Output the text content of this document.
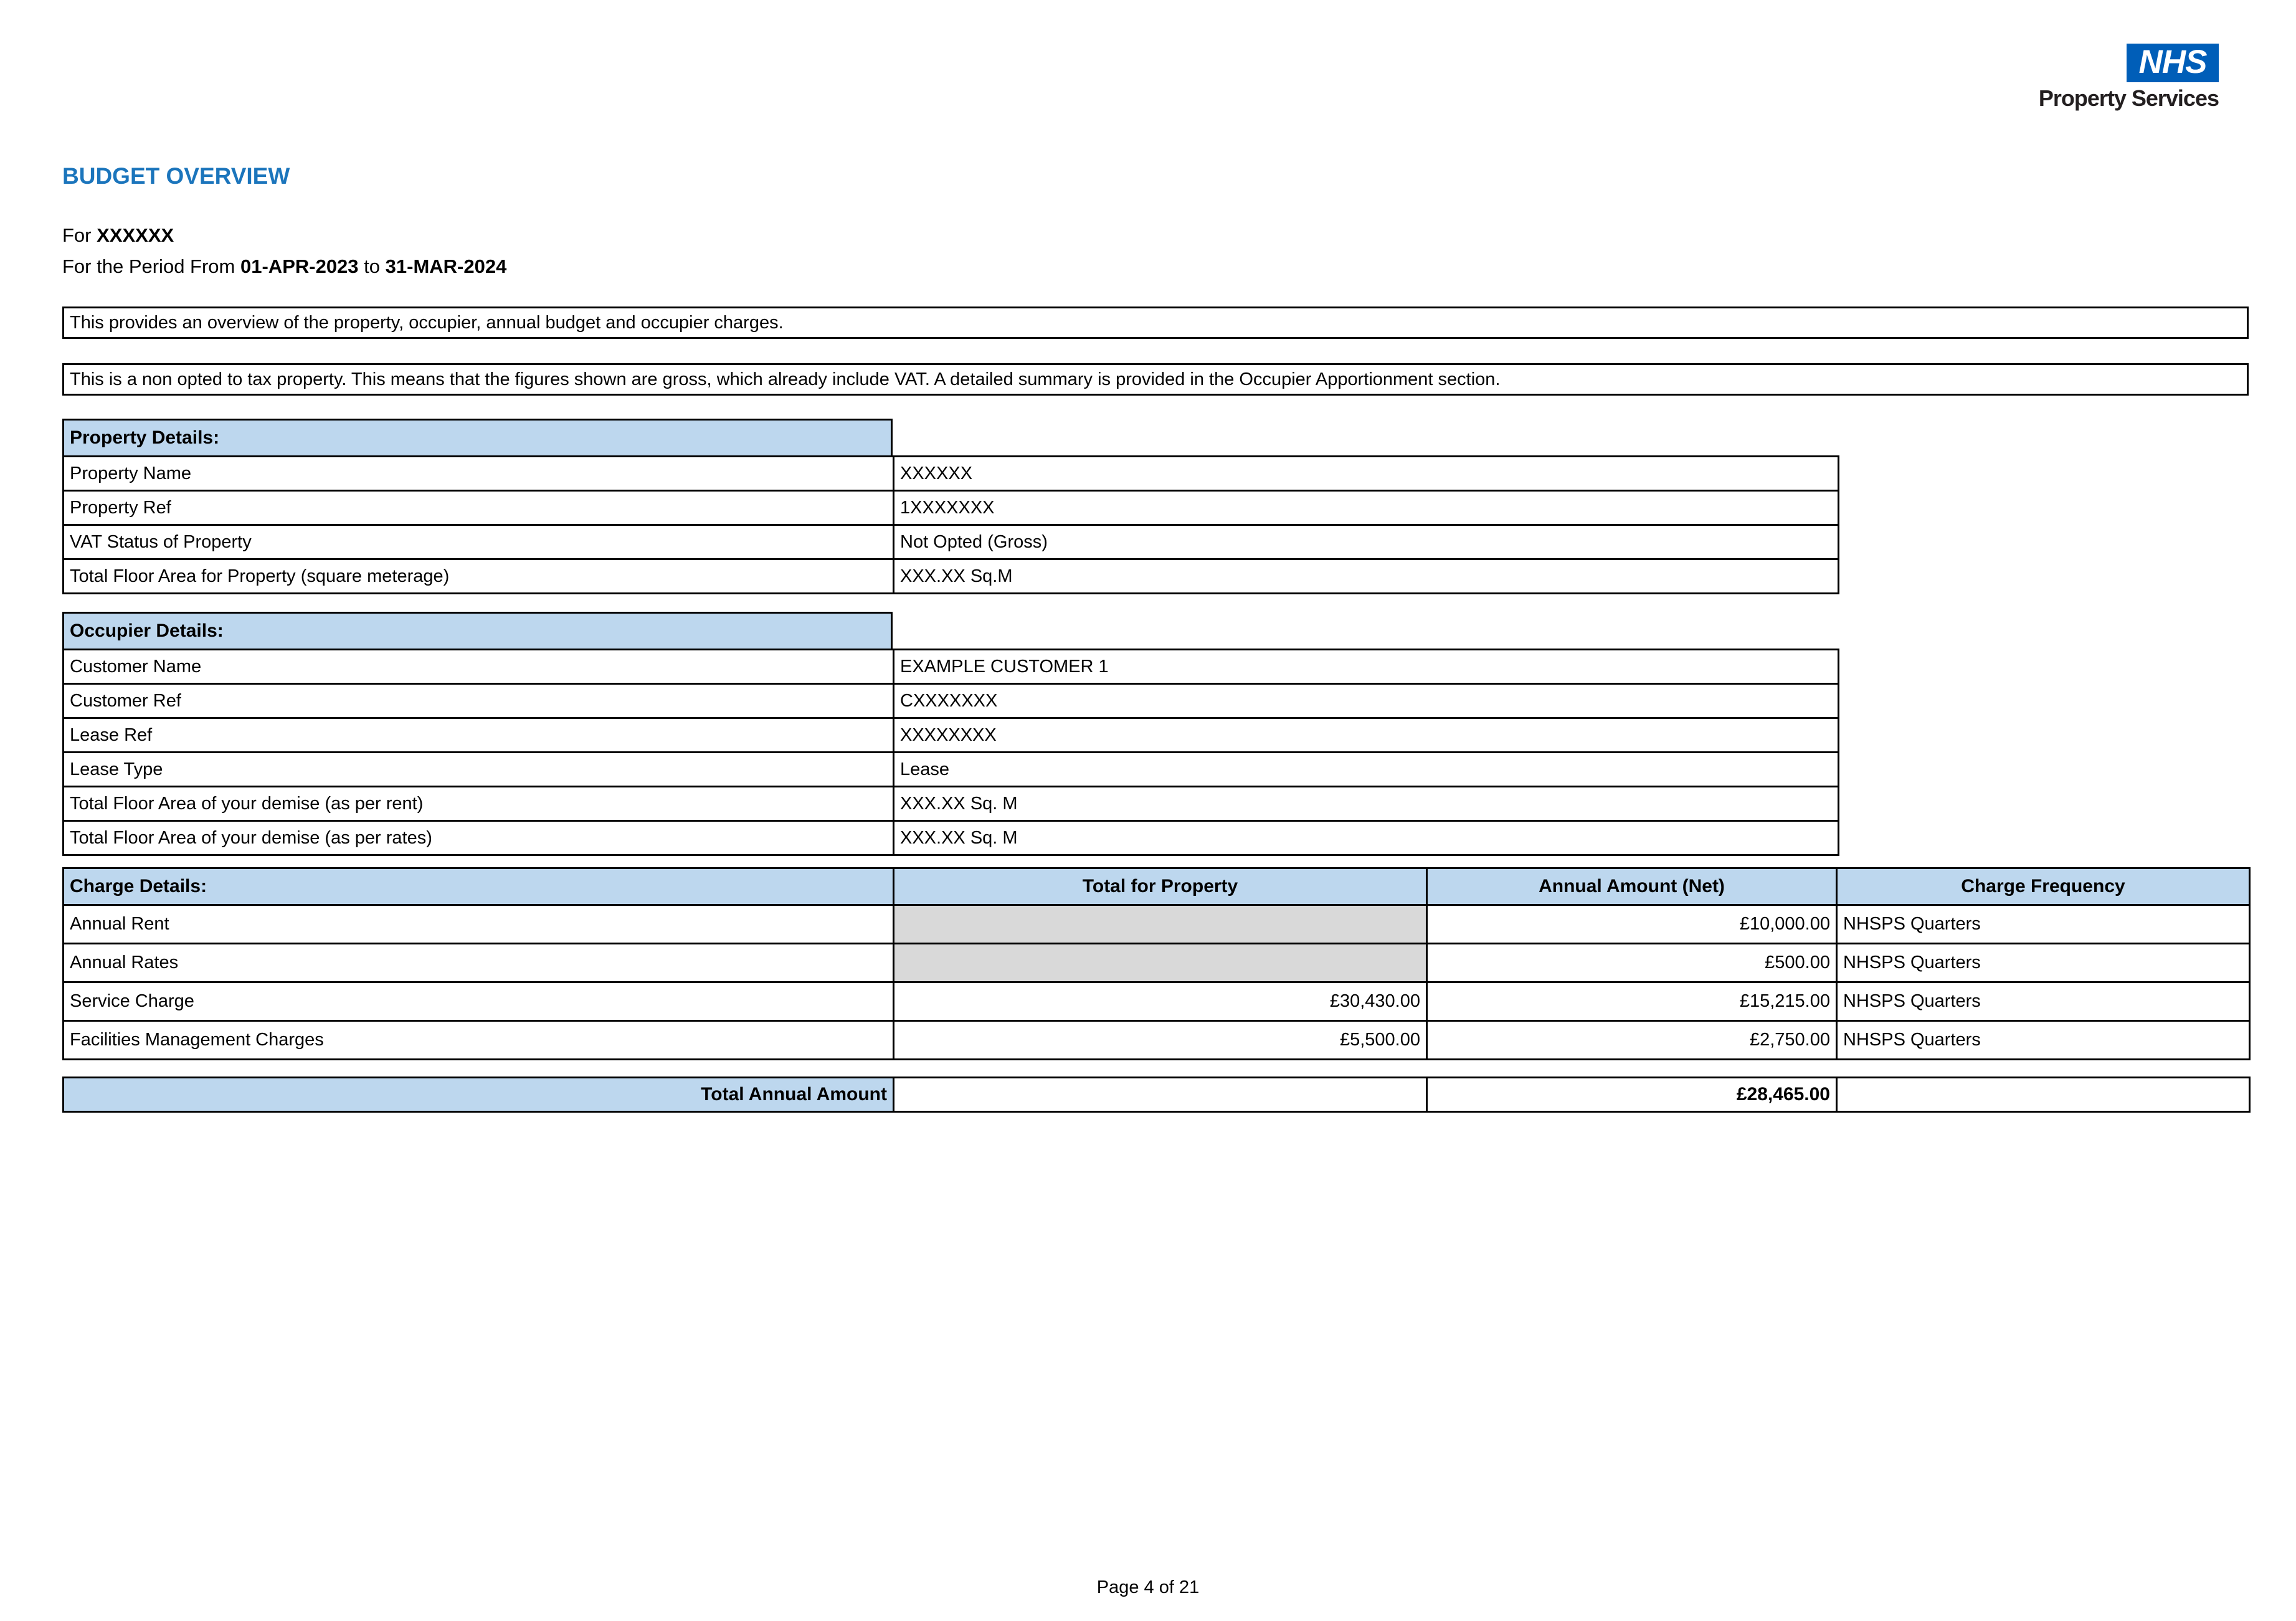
NHS
Property Services
BUDGET OVERVIEW
For XXXXXX
For the Period From 01-APR-2023 to 31-MAR-2024
This provides an overview of the property, occupier, annual budget and occupier charges.
This is a non opted to tax property. This means that the figures shown are gross, which already include VAT. A detailed summary is provided in the Occupier Apportionment section.
Property Details:
Property Name	XXXXXX
Property Ref	1XXXXXXX
VAT Status of Property	Not Opted (Gross)
Total Floor Area for Property (square meterage)	XXX.XX Sq.M
Occupier Details:
Customer Name	EXAMPLE CUSTOMER 1
Customer Ref	CXXXXXXX
Lease Ref	XXXXXXXX
Lease Type	Lease
Total Floor Area of your demise (as per rent)	XXX.XX Sq. M
Total Floor Area of your demise (as per rates)	XXX.XX Sq. M
Charge Details:	Total for Property	Annual Amount (Net)	Charge Frequency
Annual Rent		£10,000.00	NHSPS Quarters
Annual Rates		£500.00	NHSPS Quarters
Service Charge	£30,430.00	£15,215.00	NHSPS Quarters
Facilities Management Charges	£5,500.00	£2,750.00	NHSPS Quarters
Total Annual Amount		£28,465.00	
Page 4 of 21
